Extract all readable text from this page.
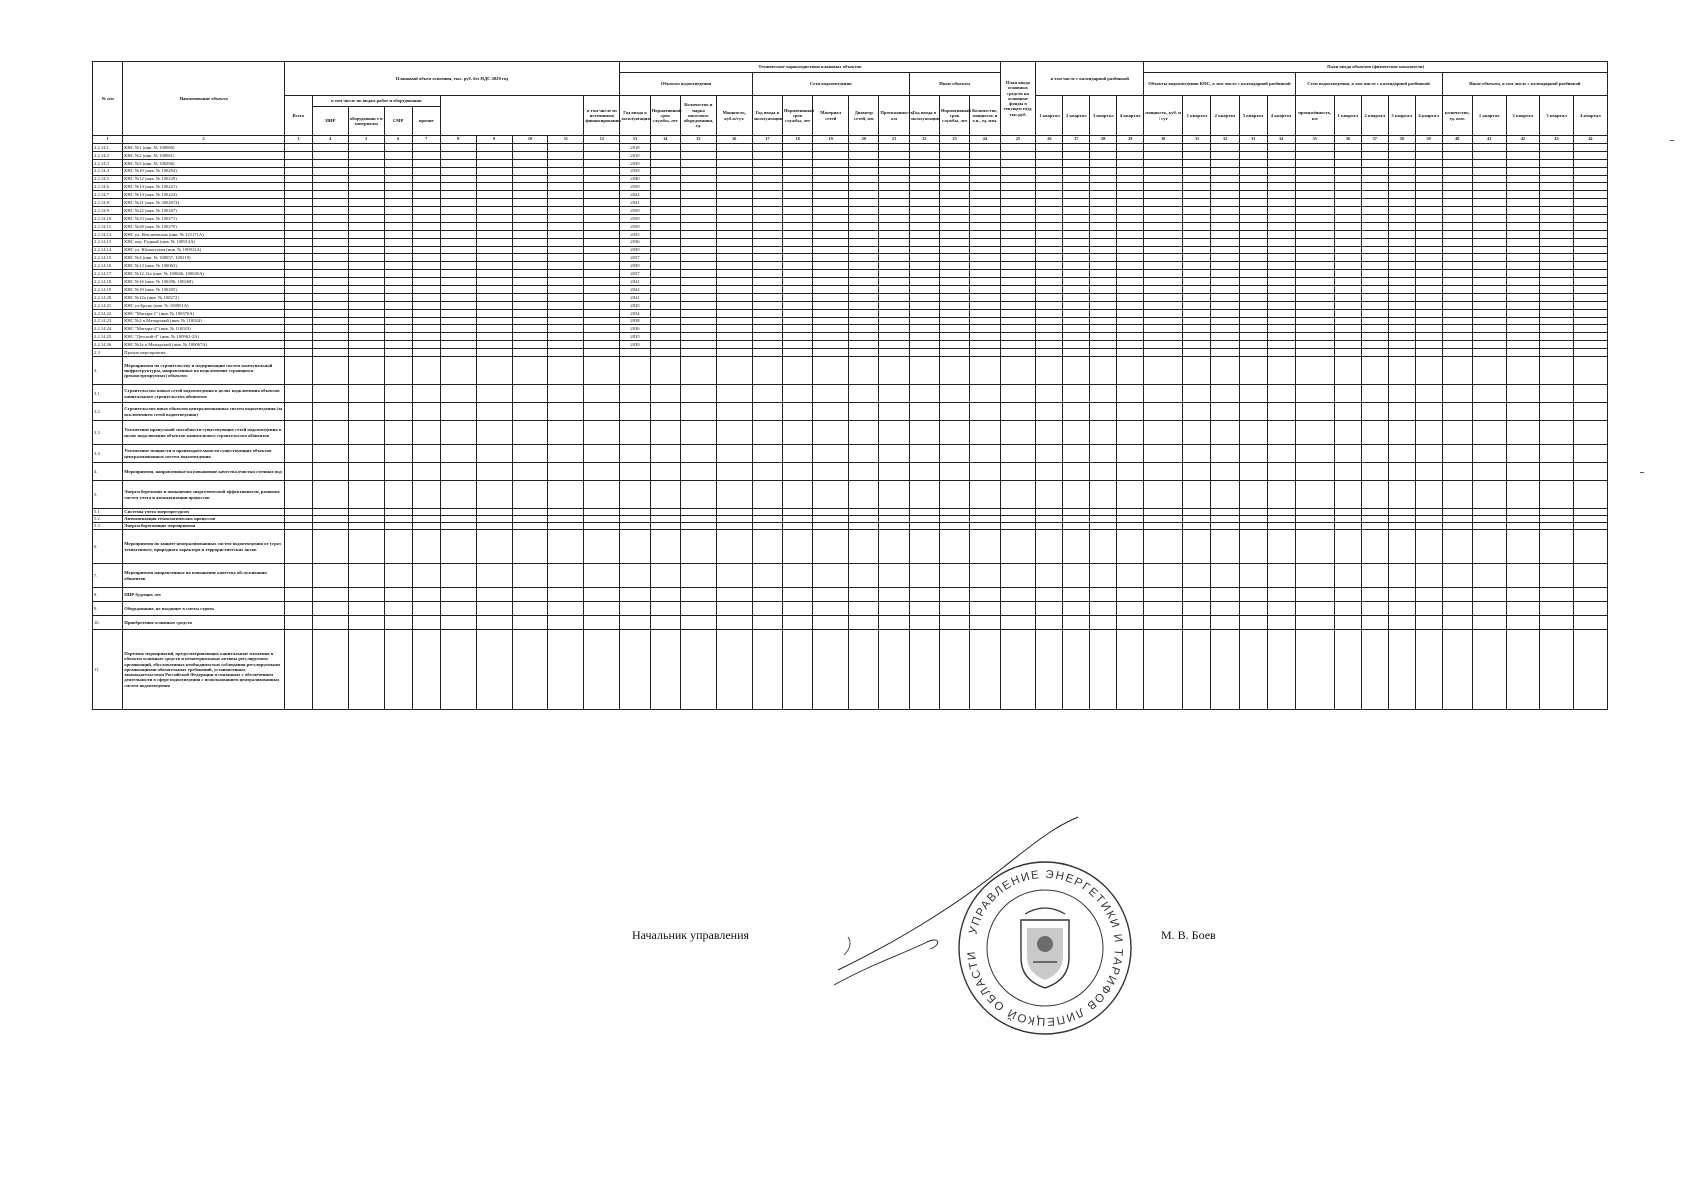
№ п/п	Наименование объекта	Плановый объем освоения, тыс. руб. без НДС 2020 год										Технические характеристики плановых объектов												План ввода основных средств на основные фонды в текущем году, тыс.руб.	в том числе с календарной разбивкой				План ввода объектов (физические показатели)														
												Объекты водоотведения				Сети водоотведения					Иные объекты								Объекты водоотведения КНС, в том числе с календарной разбивкой					Сети водоотведения, в том числе с календарной разбивкой					Иные объекты, в том числе с календарной разбивкой				
		Всего	в том числе по видам работ и оборудования								в том числе из источников финансирования	Год ввода в эксплуатацию	Нормативный срок службы, лет	Количество и марка насосного оборудования, ед.	Мощность, куб.м/сут.	Год ввода в эксплуатацию	Нормативный срок службы, лет	Материал сетей	Диаметр сетей, мм	Протяженность, км	Год ввода в эксплуатацию	Нормативный срок службы, лет	Количество, мощность и т.п., ед. изм.		1 квартал	2 квартал	3 квартал	4 квартал	мощность, куб. м / сут	1 квартал	2 квартал	3 квартал	4 квартал	протяжённость, км	1 квартал	2 квартал	3 квартал	4 квартал	количество, ед. изм.	1 квартал	2 квартал	3 квартал	4 квартал
			ПИР	оборудовани е и материалы	СМР	прочие																																					
1	2	3	4	5	6	7	8	9	10	11	12	13	14	15	16	17	18	19	20	21	22	23	24	25	26	27	28	29	30	31	32	33	34	35	36	37	38	39	40	41	42	43	44
2.2.14.1	КНС №1 (инв. № 100060)											2018																															
2.2.14.2	КНС №2 (инв. № 100061)											2010																															
2.2.14.3	КНС №3 (инв. № 100266)											2039																															
2.2.14.4	КНС №10 (инв. № 100264)											2039																															
2.2.14.5	КНС №12 (инв. № 100229)											2040																															
2.2.14.6	КНС №14 (инв. № 100221)											2039																															
2.2.14.7	КНС №14 (инв. № 100224)											2042																															
2.2.14.8	КНС №21 (инв. № 2002674)											2041																															
2.2.14.9	КНС №22 (инв. № 100267)											2039																															
2.2.14.10	КНС №23 (инв. № 100271)											2039																															
2.2.14.11	КНС №28 (инв. № 100270)											2039																															
2.2.14.12	КНС ул. Неплюевская (инв. № 121171А)											2035																															
2.2.14.13	КНС пер. Рудный (инв. № 100914А)											2036																															
2.2.14.14	КНС ул. Юношеская (инв. № 100912А)											2039																															
2.2.14.15	КНС №4 (инв. № 100057, 100219)											2037																															
2.2.14.16	КНС №13 (инв. № 100063)											2039																															
2.2.14.17	КНС №12,12а (инв. № 100046, 100045А)											2037																															
2.2.14.18	КНС №16 (инв. № 100296, 100268)											2041																															
2.2.14.19	КНС №19 (инв. № 100205)											2042																															
2.2.14.20	КНС №22а (инв. № 100272)											2041																															
2.2.14.21	КНС ул.Бруно (инв. № 100951А)											2035																															
2.2.14.22	КНС "Матыра-1" (инв. № 100370А)											2034																															
2.2.14.23	КНС №2 п.Матырский (инв. № 110024)											2038																															
2.2.14.24	КНС "Матыра-4" (инв. № 110023)											2036																															
2.2.14.25	КНС "Детский-4" (инв. № 100962-2А)											2035																															
2.2.14.26	КНС №2а п.Матырский (инв. № 100067А)											2039																															
2.3	Прочие мероприятия																																										
3.	Мероприятия по строительству и модернизации систем коммунальной инфраструктуры, направленные на подключение строящихся (реконструируемых) объектов																																										
3.1	Строительство новых сетей водоотведения в целях подключения объектов капитального строительства абонентов																																										
3.2	Строительство иных объектов централизованных систем водоотведения (за исключением сетей водоотведения)																																										
3.3	Увеличение пропускной способности существующих сетей водоотведения в целях подключения объектов капитального строительства абонентов																																										
3.4	Увеличение мощности и производительности существующих объектов централизованных систем водоотведения																																										
4.	Мероприятия, направленные на повышение качества очистки сточных вод																																										
5.	Энергосбережение и повышение энергетической эффективности, развитие систем учета и автоматизации процессов																																										
5.1	Системы учета энергоресурсов																																										
5.2	Автоматизация технологических процессов																																										
5.3	Энергосберегающие мероприятия																																										
6.	Мероприятия по защите централизованных систем водоотведения от угроз техногенного, природного характера и террористических актов																																										
7.	Мероприятия направленные на повышение качества обслуживания абонентов																																										
8.	ПИР будущих лет																																										
9.	Оборудование, не входящее в сметы строек																																										
10.	Приобретение основных средств																																										
11.	Перечень мероприятий, предусматривающих капитальные вложения в объекты основных средств и нематериальные активы регулируемых организаций, обусловленных необходимостью соблюдения регулируемыми организациями обязательных требований, установленных законодательством Российской Федерации и связанных с обеспечением деятельности в сфере водоотведения с использованием централизованных систем водоотведения																																										
Начальник управления	М. В. Боев
УПРАВЛЕНИЕ ЭНЕРГЕТИКИ И ТАРИФОВ ЛИПЕЦКОЙ ОБЛАСТИ
